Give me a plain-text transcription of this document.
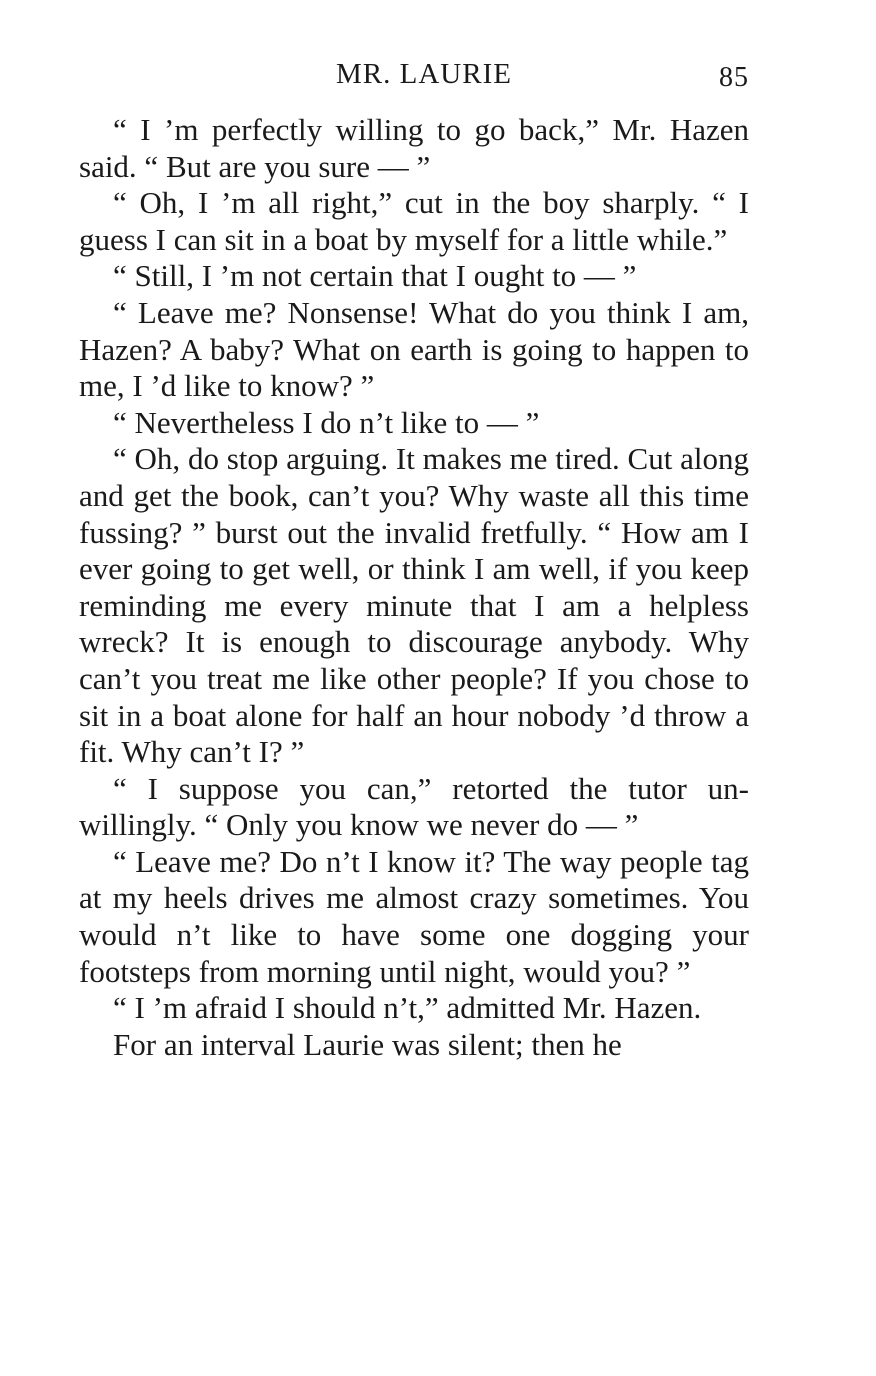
MR. LAURIE	85

“ I ’m perfectly willing to go back,” Mr. Hazen said. “ But are you sure — ”

“ Oh, I ’m all right,” cut in the boy sharply. “ I guess I can sit in a boat by myself for a little while.”

“ Still, I ’m not certain that I ought to — ”

“ Leave me? Nonsense! What do you think I am, Hazen? A baby? What on earth is going to happen to me, I ’d like to know? ”

“ Nevertheless I do n’t like to — ”

“ Oh, do stop arguing. It makes me tired. Cut along and get the book, can’t you? Why waste all this time fussing? ” burst out the invalid fretfully. “ How am I ever going to get well, or think I am well, if you keep reminding me every minute that I am a helpless wreck? It is enough to discourage anybody. Why can’t you treat me like other people? If you chose to sit in a boat alone for half an hour nobody ’d throw a fit. Why can’t I? ”

“ I suppose you can,” retorted the tutor unwillingly. “ Only you know we never do — ”

“ Leave me? Do n’t I know it? The way people tag at my heels drives me almost crazy sometimes. You would n’t like to have some one dogging your footsteps from morning until night, would you? ”

“ I ’m afraid I should n’t,” admitted Mr. Hazen.

For an interval Laurie was silent; then he
